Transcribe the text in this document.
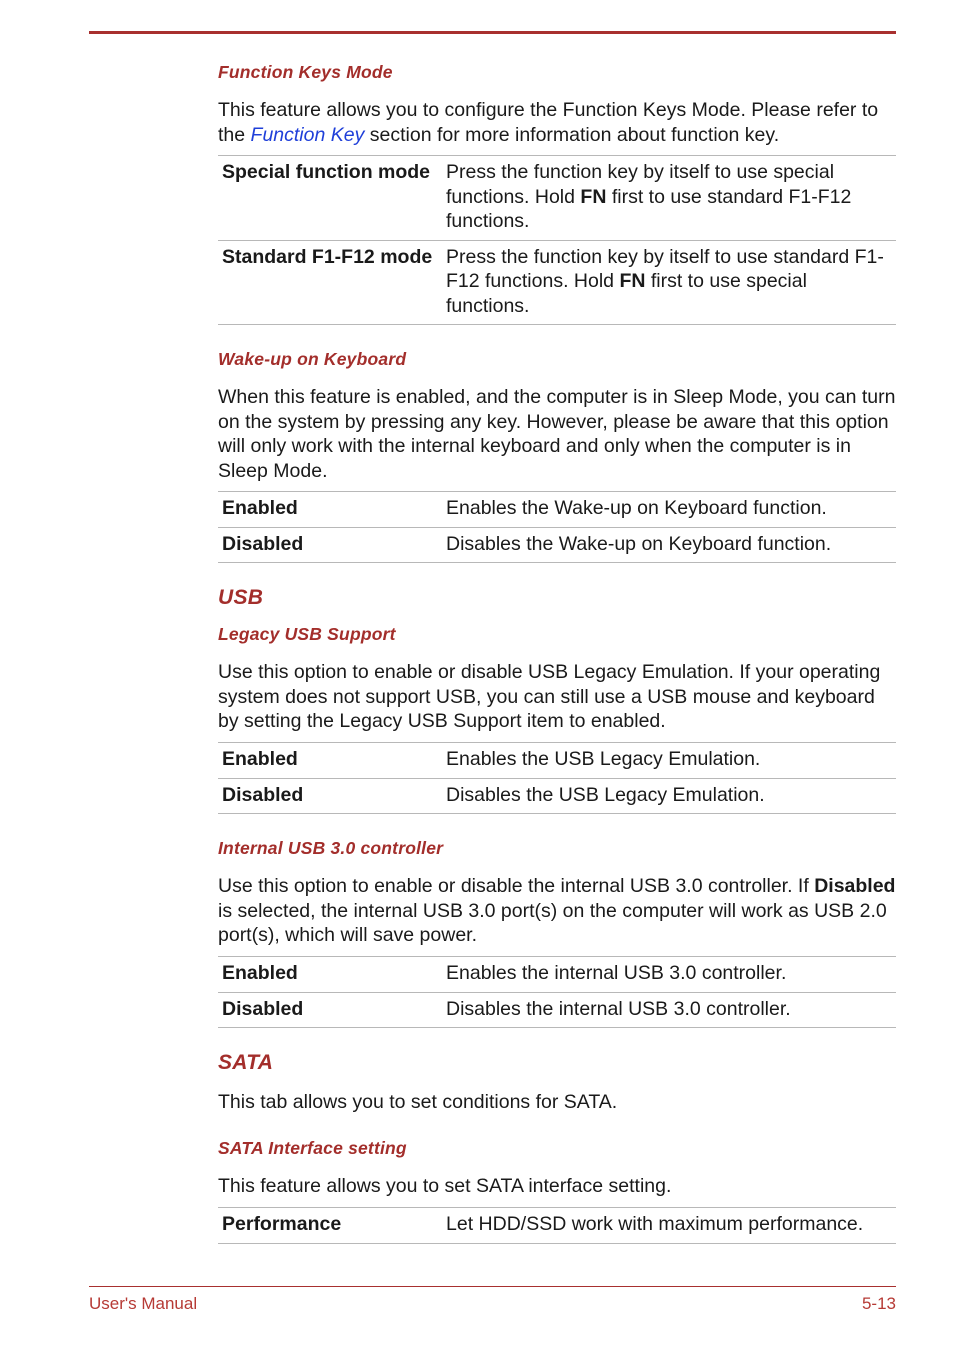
Function Keys Mode
This feature allows you to configure the Function Keys Mode. Please refer to the Function Key section for more information about function key.
Special function mode	Press the function key by itself to use special functions. Hold FN first to use standard F1-F12 functions.
Standard F1-F12 mode	Press the function key by itself to use standard F1-F12 functions. Hold FN first to use special functions.
Wake-up on Keyboard
When this feature is enabled, and the computer is in Sleep Mode, you can turn on the system by pressing any key. However, please be aware that this option will only work with the internal keyboard and only when the computer is in Sleep Mode.
Enabled	Enables the Wake-up on Keyboard function.
Disabled	Disables the Wake-up on Keyboard function.
USB
Legacy USB Support
Use this option to enable or disable USB Legacy Emulation. If your operating system does not support USB, you can still use a USB mouse and keyboard by setting the Legacy USB Support item to enabled.
Enabled	Enables the USB Legacy Emulation.
Disabled	Disables the USB Legacy Emulation.
Internal USB 3.0 controller
Use this option to enable or disable the internal USB 3.0 controller. If Disabled is selected, the internal USB 3.0 port(s) on the computer will work as USB 2.0 port(s), which will save power.
Enabled	Enables the internal USB 3.0 controller.
Disabled	Disables the internal USB 3.0 controller.
SATA
This tab allows you to set conditions for SATA.
SATA Interface setting
This feature allows you to set SATA interface setting.
Performance	Let HDD/SSD work with maximum performance.
User's Manual	5-13
